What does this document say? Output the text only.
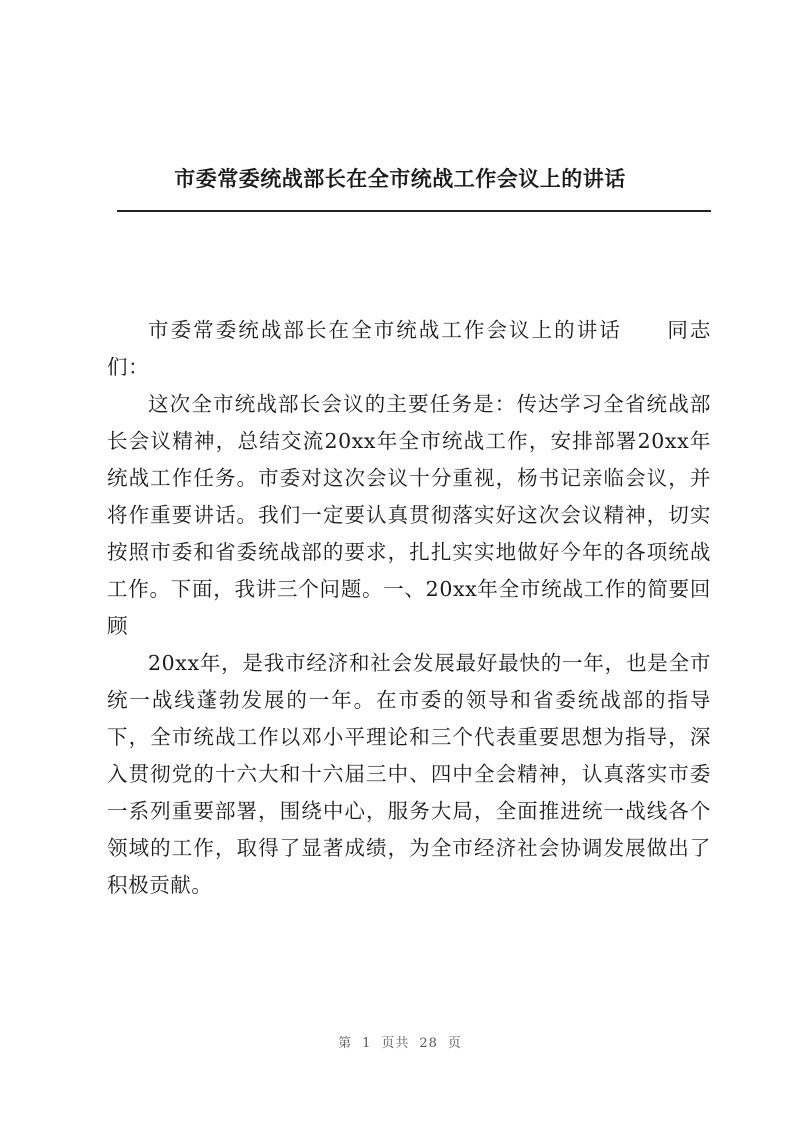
市委常委统战部长在全市统战工作会议上的讲话

市委常委统战部长在全市统战工作会议上的讲话 同志们：

这次全市统战部长会议的主要任务是：传达学习全省统战部长会议精神，总结交流20xx年全市统战工作，安排部署20xx年统战工作任务。市委对这次会议十分重视，杨书记亲临会议，并将作重要讲话。我们一定要认真贯彻落实好这次会议精神，切实按照市委和省委统战部的要求，扎扎实实地做好今年的各项统战工作。下面，我讲三个问题。一、20xx年全市统战工作的简要回顾

20xx年，是我市经济和社会发展最好最快的一年，也是全市统一战线蓬勃发展的一年。在市委的领导和省委统战部的指导下，全市统战工作以邓小平理论和三个代表重要思想为指导，深入贯彻党的十六大和十六届三中、四中全会精神，认真落实市委一系列重要部署，围绕中心，服务大局，全面推进统一战线各个领域的工作，取得了显著成绩，为全市经济社会协调发展做出了积极贡献。

第 1 页共 28 页
